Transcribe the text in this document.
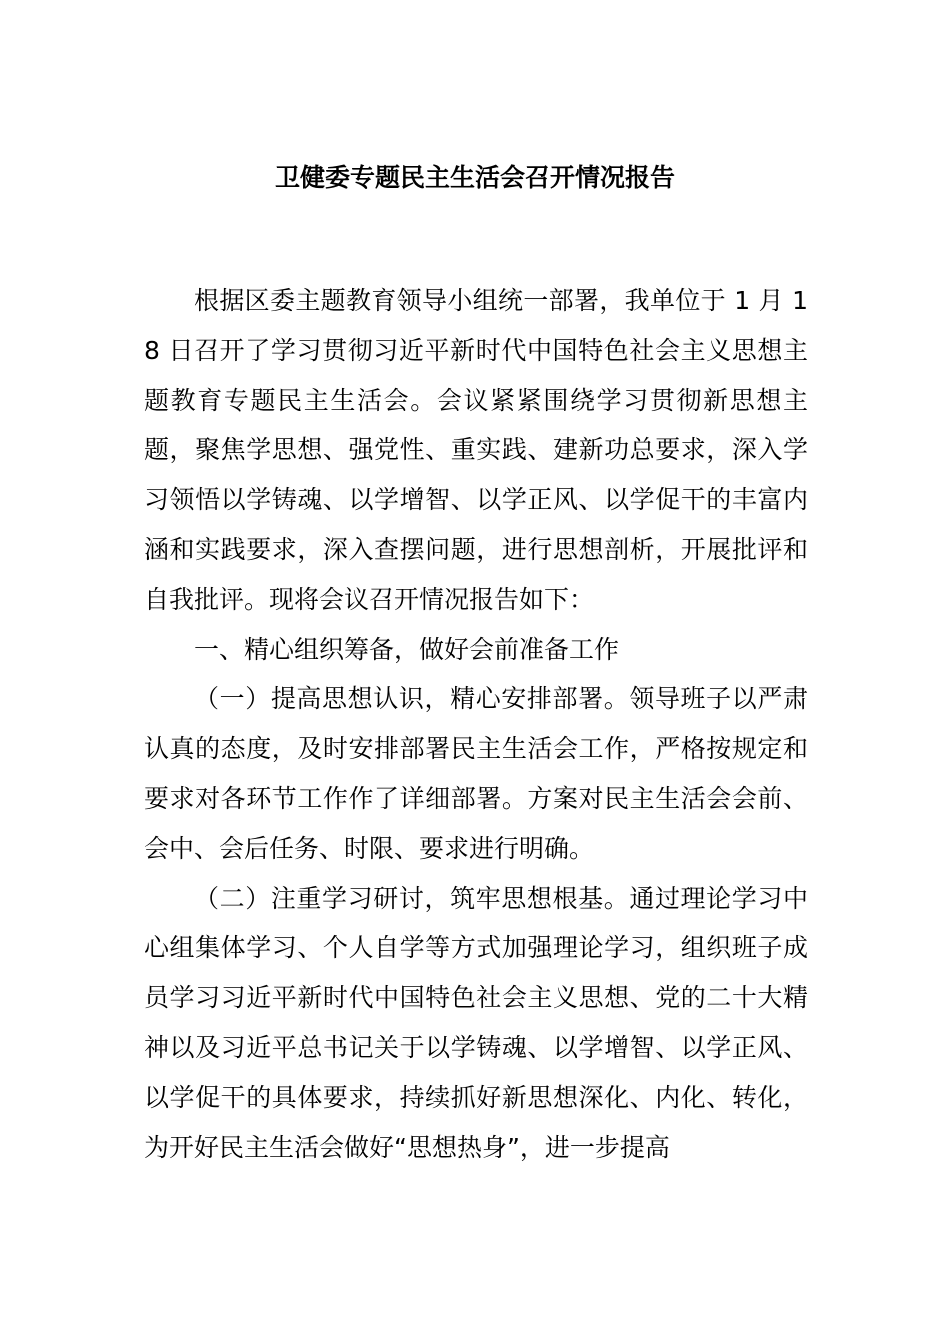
卫健委专题民主生活会召开情况报告

根据区委主题教育领导小组统一部署，我单位于 1 月 18 日召开了学习贯彻习近平新时代中国特色社会主义思想主题教育专题民主生活会。会议紧紧围绕学习贯彻新思想主题，聚焦学思想、强党性、重实践、建新功总要求，深入学习领悟以学铸魂、以学增智、以学正风、以学促干的丰富内涵和实践要求，深入查摆问题，进行思想剖析，开展批评和自我批评。现将会议召开情况报告如下：

一、精心组织筹备，做好会前准备工作

（一）提高思想认识，精心安排部署。领导班子以严肃认真的态度，及时安排部署民主生活会工作，严格按规定和要求对各环节工作作了详细部署。方案对民主生活会会前、会中、会后任务、时限、要求进行明确。

（二）注重学习研讨，筑牢思想根基。通过理论学习中心组集体学习、个人自学等方式加强理论学习，组织班子成员学习习近平新时代中国特色社会主义思想、党的二十大精神以及习近平总书记关于以学铸魂、以学增智、以学正风、以学促干的具体要求，持续抓好新思想深化、内化、转化，为开好民主生活会做好“思想热身”，进一步提高
